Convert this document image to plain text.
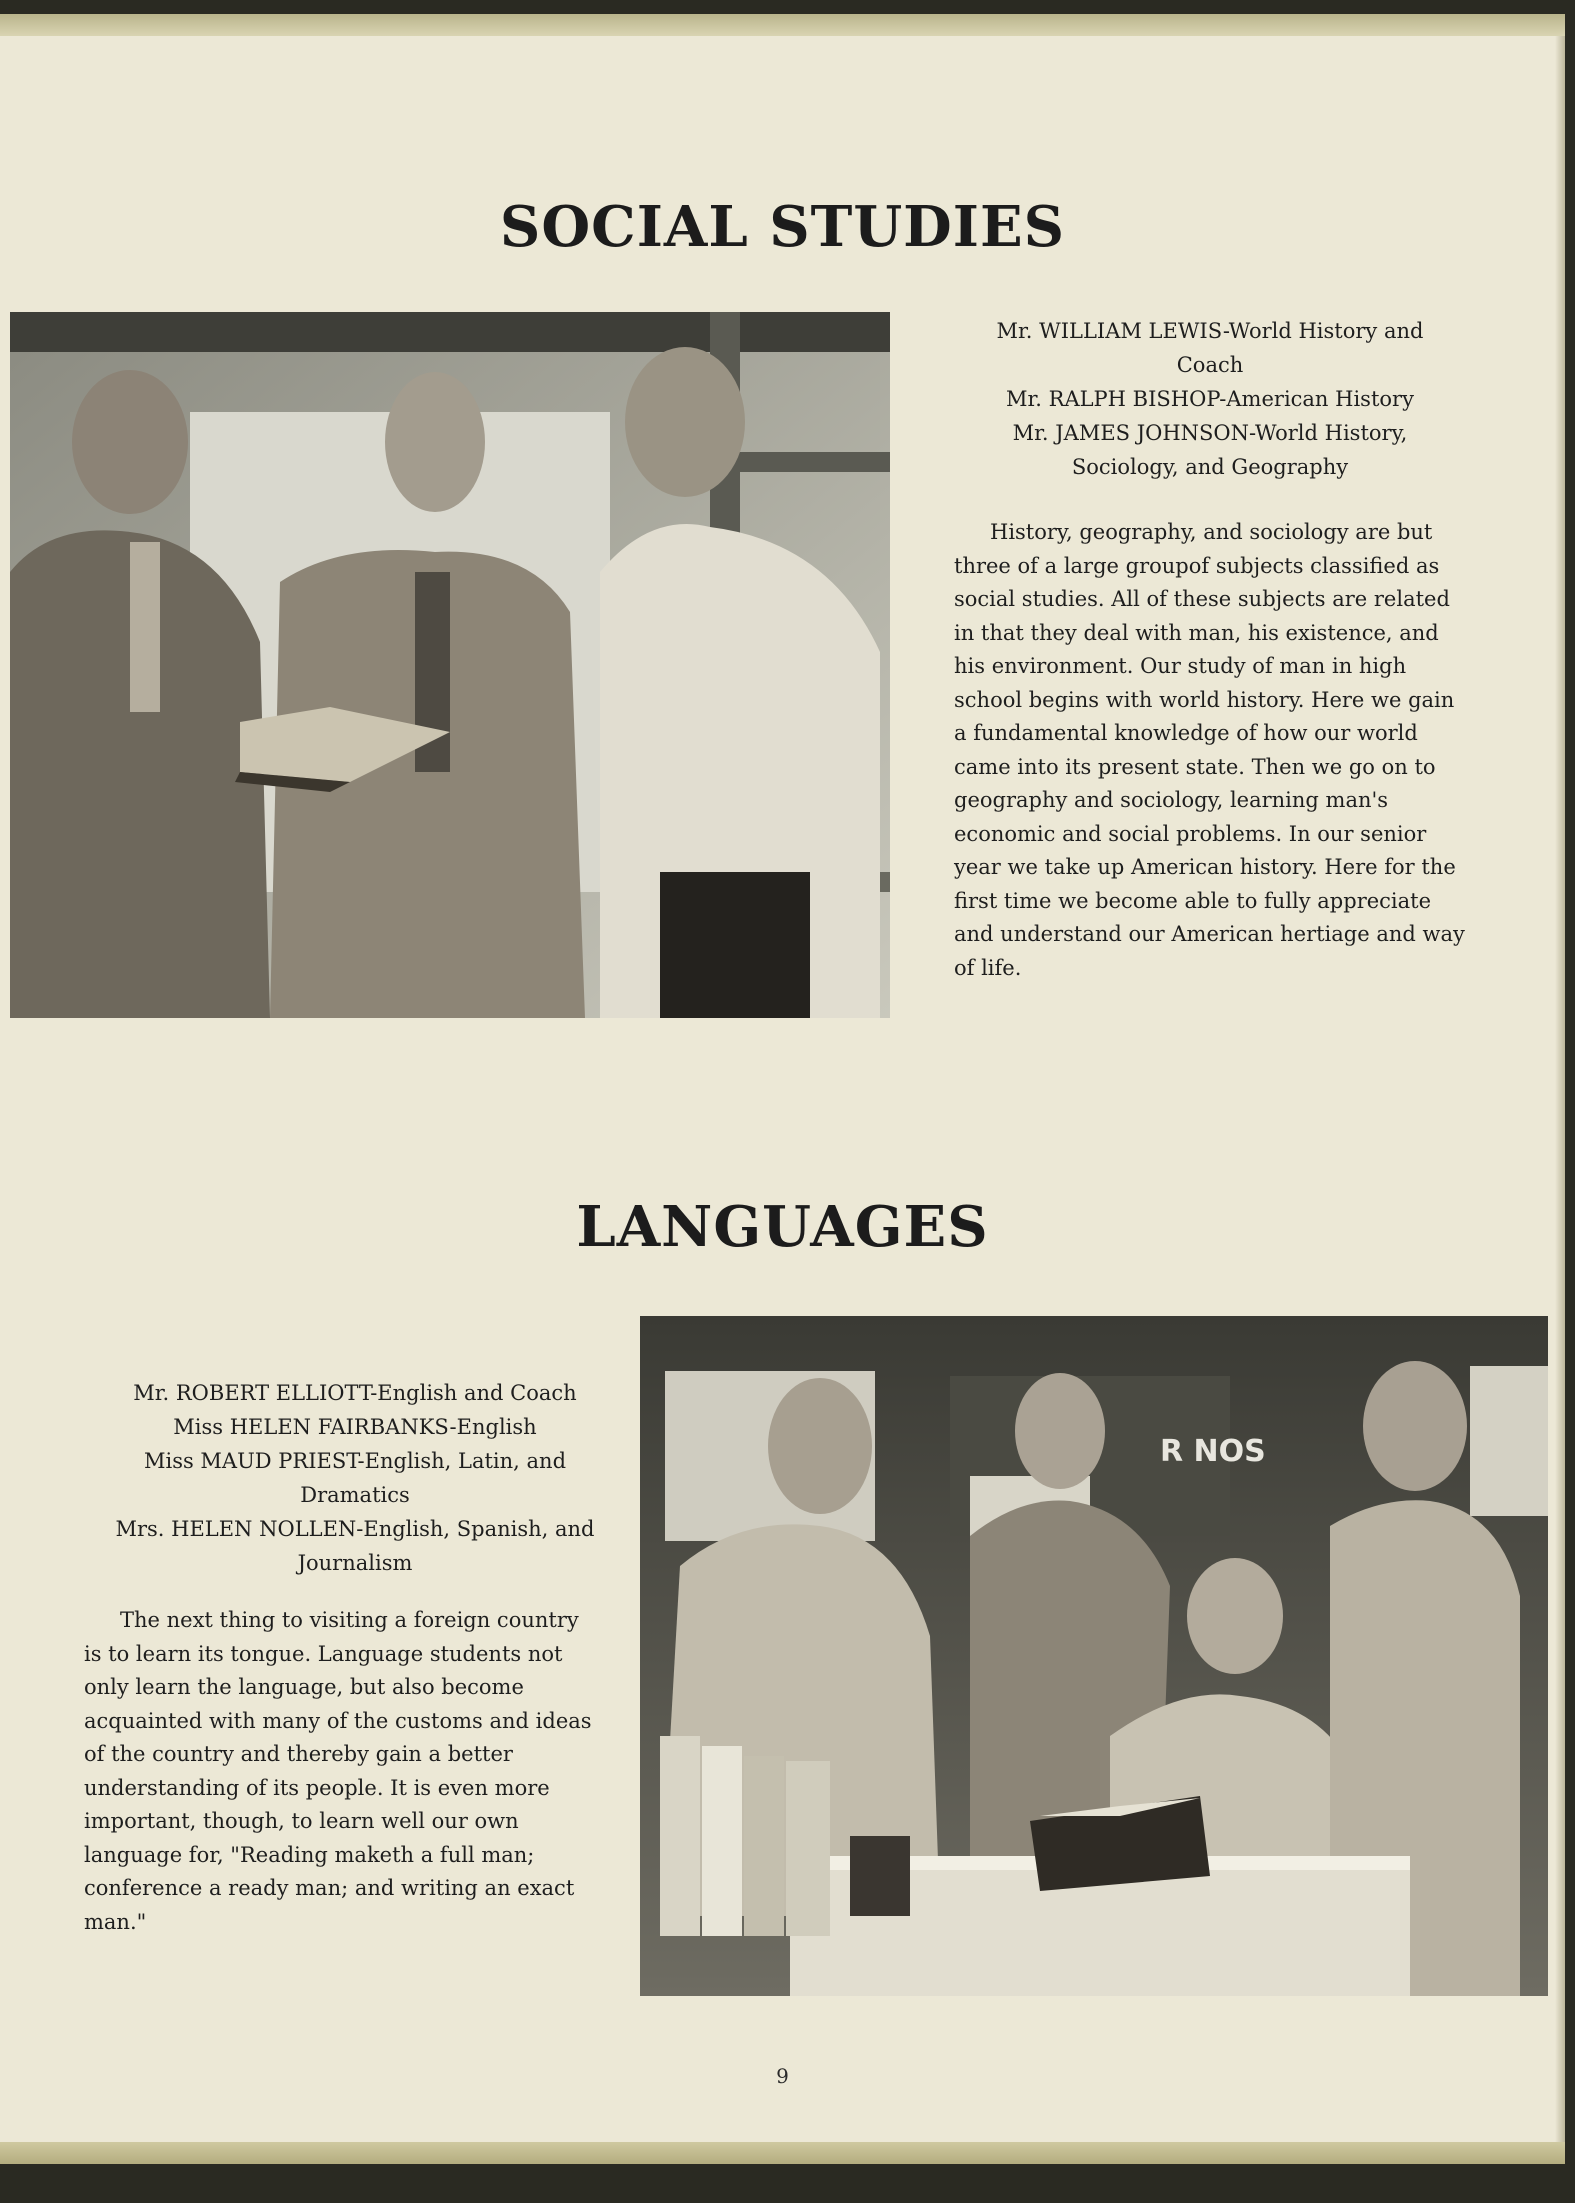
SOCIAL STUDIES
Mr. WILLIAM LEWIS-World History and
Coach
Mr. RALPH BISHOP-American History
Mr. JAMES JOHNSON-World History,
Sociology, and Geography

History, geography, and sociology are but three of a large groupof subjects classified as social studies. All of these subjects are related in that they deal with man, his existence, and his environment. Our study of man in high school begins with world history. Here we gain a fundamental knowledge of how our world came into its present state. Then we go on to geography and sociology, learning man's economic and social problems. In our senior year we take up American history. Here for the first time we become able to fully appreciate and understand our American hertiage and way of life.

LANGUAGES
Mr. ROBERT ELLIOTT-English and Coach
Miss HELEN FAIRBANKS-English
Miss MAUD PRIEST-English, Latin, and
Dramatics
Mrs. HELEN NOLLEN-English, Spanish, and
Journalism

The next thing to visiting a foreign country is to learn its tongue. Language students not only learn the language, but also become acquainted with many of the customs and ideas of the country and thereby gain a better understanding of its people. It is even more important, though, to learn well our own language for, "Reading maketh a full man; conference a ready man; and writing an exact man."

R NOS
9
